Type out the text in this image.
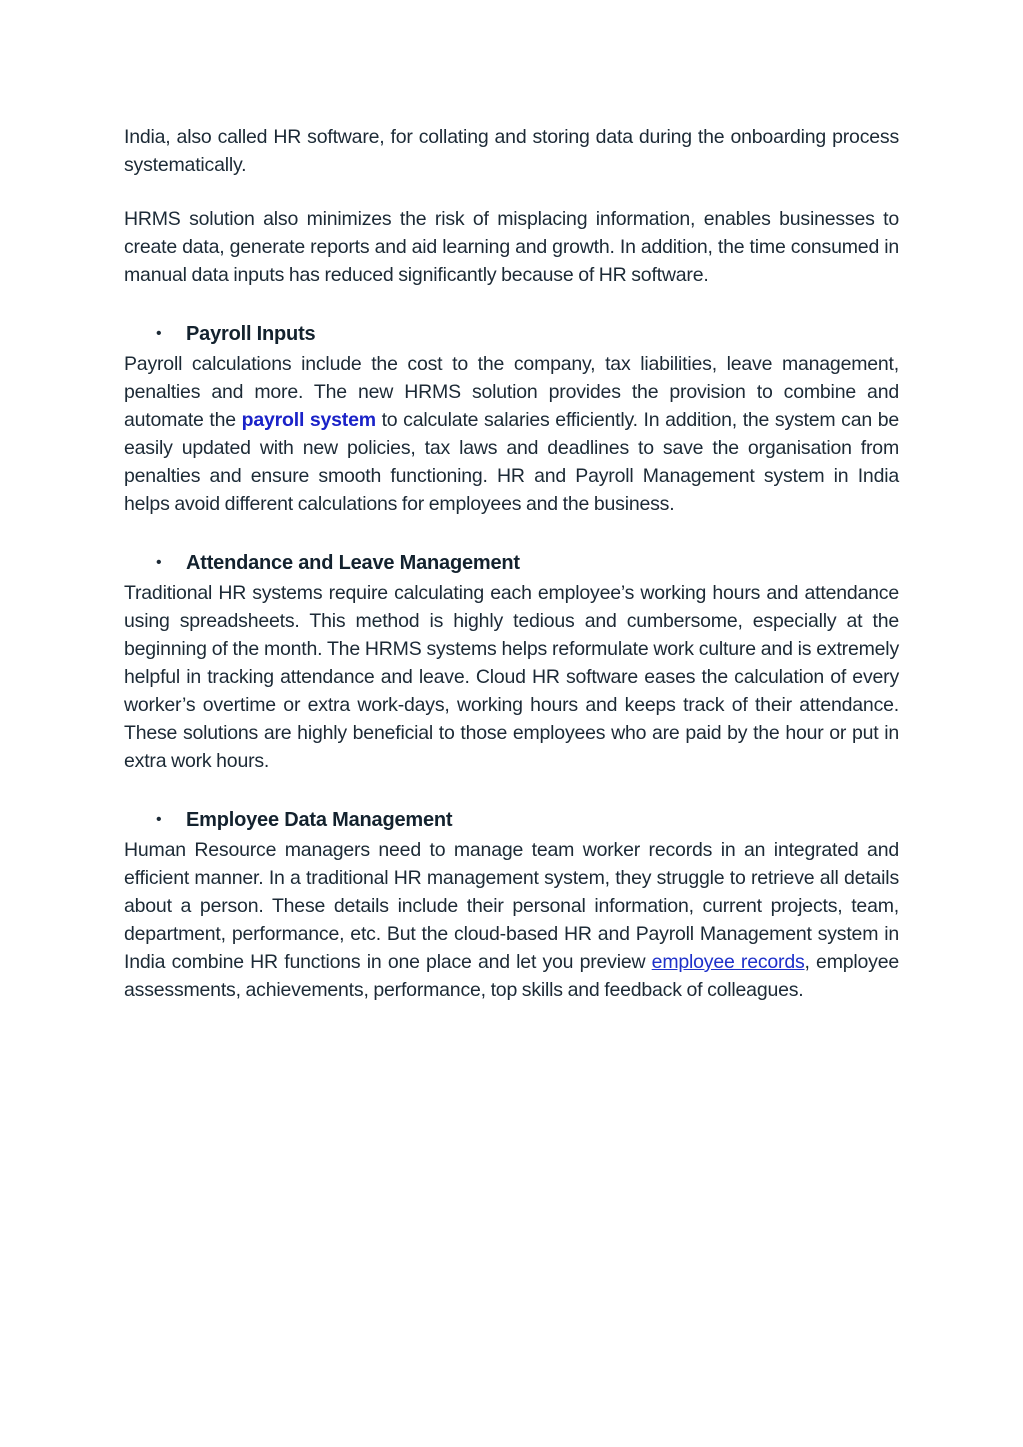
India, also called HR software, for collating and storing data during the onboarding process systematically.

HRMS solution also minimizes the risk of misplacing information, enables businesses to create data, generate reports and aid learning and growth. In addition, the time consumed in manual data inputs has reduced significantly because of HR software.

•	Payroll Inputs

Payroll calculations include the cost to the company, tax liabilities, leave management, penalties and more. The new HRMS solution provides the provision to combine and automate the payroll system to calculate salaries efficiently. In addition, the system can be easily updated with new policies, tax laws and deadlines to save the organisation from penalties and ensure smooth functioning. HR and Payroll Management system in India helps avoid different calculations for employees and the business.

•	Attendance and Leave Management

Traditional HR systems require calculating each employee’s working hours and attendance using spreadsheets. This method is highly tedious and cumbersome, especially at the beginning of the month. The HRMS systems helps reformulate work culture and is extremely helpful in tracking attendance and leave. Cloud HR software eases the calculation of every worker’s overtime or extra work-days, working hours and keeps track of their attendance. These solutions are highly beneficial to those employees who are paid by the hour or put in extra work hours.

•	Employee Data Management

Human Resource managers need to manage team worker records in an integrated and efficient manner. In a traditional HR management system, they struggle to retrieve all details about a person. These details include their personal information, current projects, team, department, performance, etc. But the cloud-based HR and Payroll Management system in India combine HR functions in one place and let you preview employee records, employee assessments, achievements, performance, top skills and feedback of colleagues.
